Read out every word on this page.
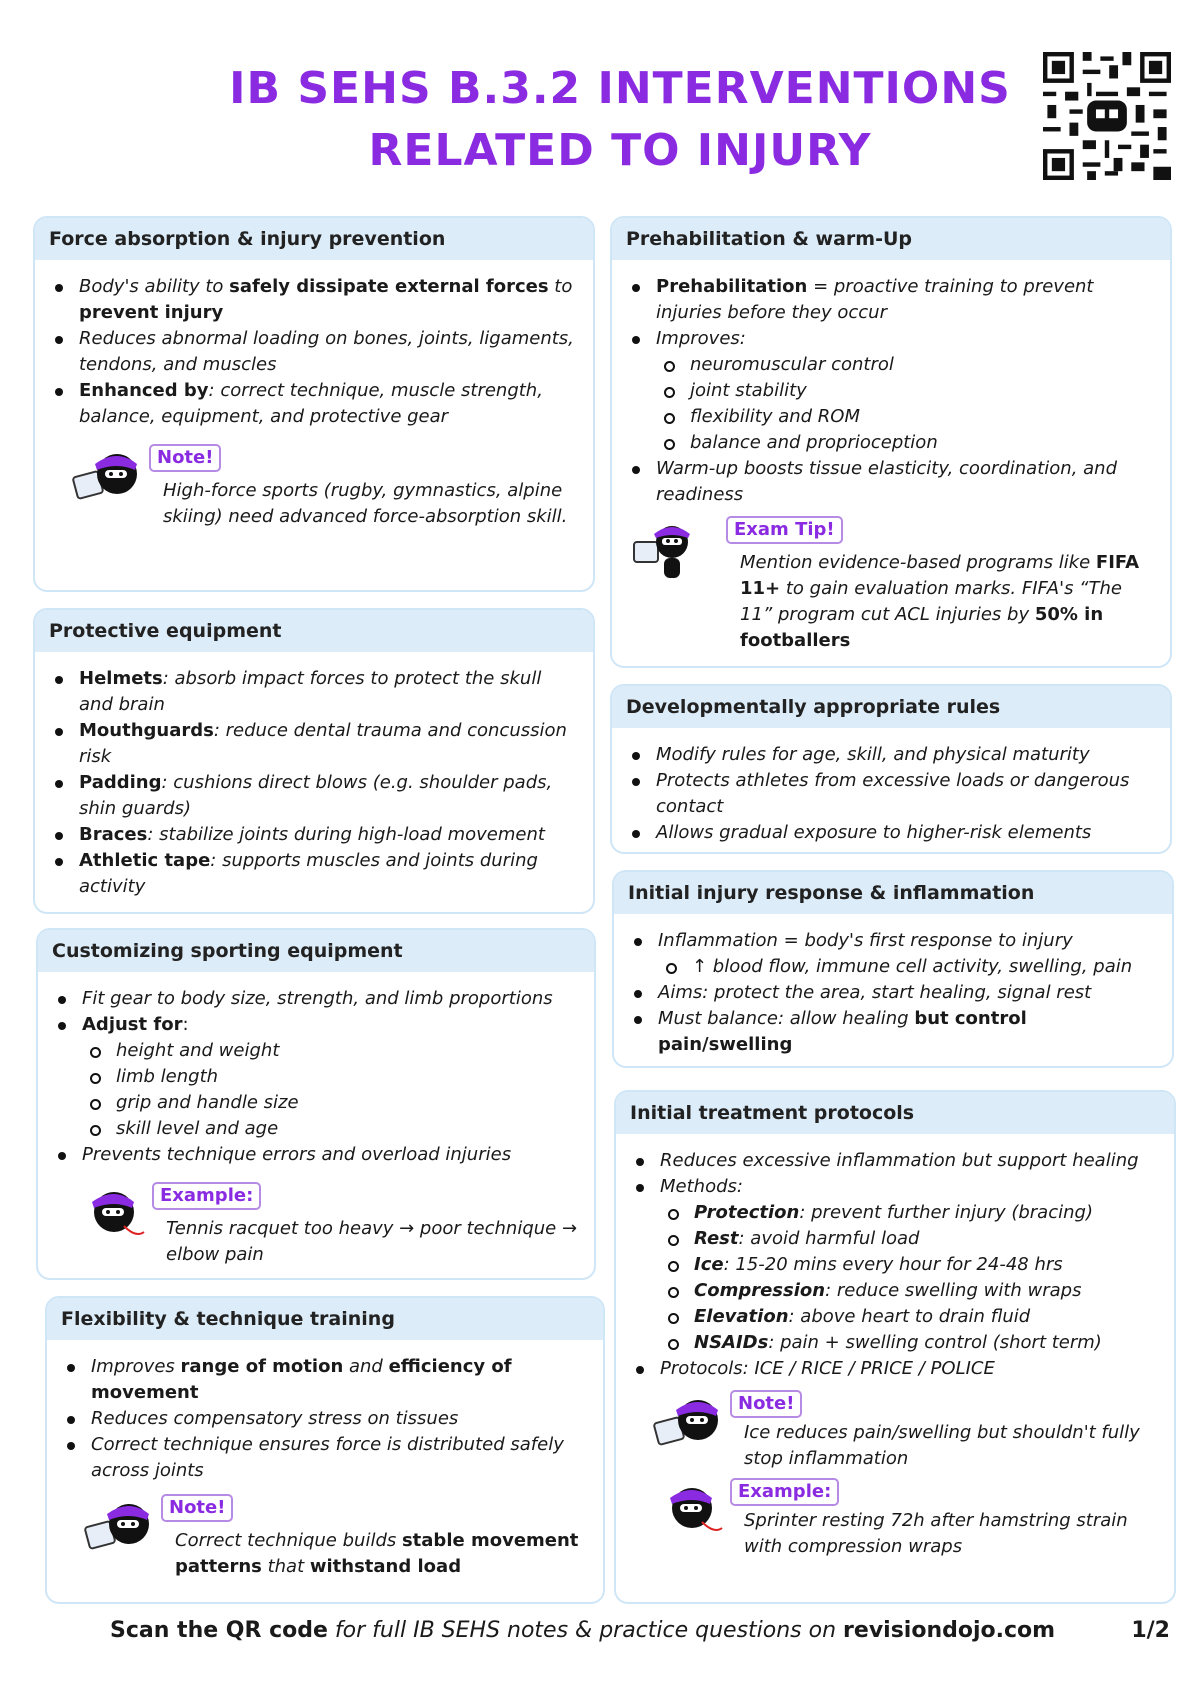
IB SEHS B.3.2 INTERVENTIONS
RELATED TO INJURY
Force absorption & injury prevention
Body's ability to safely dissipate external forces to prevent injury
Reduces abnormal loading on bones, joints, ligaments, tendons, and muscles
Enhanced by: correct technique, muscle strength, balance, equipment, and protective gear
Note!
High-force sports (rugby, gymnastics, alpine skiing) need advanced force-absorption skill.
Protective equipment
Helmets: absorb impact forces to protect the skull and brain
Mouthguards: reduce dental trauma and concussion risk
Padding: cushions direct blows (e.g. shoulder pads, shin guards)
Braces: stabilize joints during high-load movement
Athletic tape: supports muscles and joints during activity
Customizing sporting equipment
Fit gear to body size, strength, and limb proportions
Adjust for:
height and weight
limb length
grip and handle size
skill level and age
Prevents technique errors and overload injuries
Example:
Tennis racquet too heavy → poor technique → elbow pain
Flexibility & technique training
Improves range of motion and efficiency of movement
Reduces compensatory stress on tissues
Correct technique ensures force is distributed safely across joints
Note!
Correct technique builds stable movement patterns that withstand load
Prehabilitation & warm-Up
Prehabilitation = proactive training to prevent injuries before they occur
Improves:
neuromuscular control
joint stability
flexibility and ROM
balance and proprioception
Warm-up boosts tissue elasticity, coordination, and readiness
Exam Tip!
Mention evidence-based programs like FIFA 11+ to gain evaluation marks. FIFA's “The 11” program cut ACL injuries by 50% in footballers
Developmentally appropriate rules
Modify rules for age, skill, and physical maturity
Protects athletes from excessive loads or dangerous contact
Allows gradual exposure to higher-risk elements
Initial injury response & inflammation
Inflammation = body's first response to injury
↑ blood flow, immune cell activity, swelling, pain
Aims: protect the area, start healing, signal rest
Must balance: allow healing but control pain/swelling
Initial treatment protocols
Reduces excessive inflammation but support healing
Methods:
Protection: prevent further injury (bracing)
Rest: avoid harmful load
Ice: 15-20 mins every hour for 24-48 hrs
Compression: reduce swelling with wraps
Elevation: above heart to drain fluid
NSAIDs: pain + swelling control (short term)
Protocols: ICE / RICE / PRICE / POLICE
Note!
Ice reduces pain/swelling but shouldn't fully stop inflammation
Example:
Sprinter resting 72h after hamstring strain with compression wraps
Scan the QR code for full IB SEHS notes & practice questions on revisiondojo.com	1/2
